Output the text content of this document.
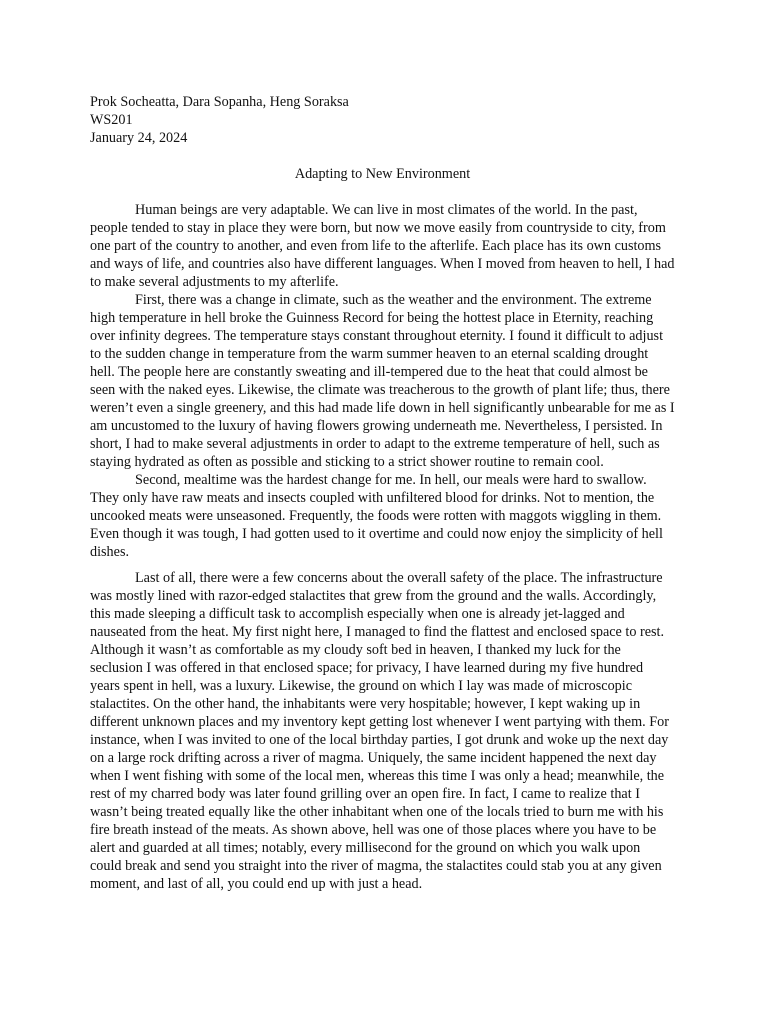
Prok Socheatta, Dara Sopanha, Heng Soraksa
WS201
January 24, 2024
Adapting to New Environment

Human beings are very adaptable. We can live in most climates of the world. In the past, people tended to stay in place they were born, but now we move easily from countryside to city, from one part of the country to another, and even from life to the afterlife. Each place has its own customs and ways of life, and countries also have different languages. When I moved from heaven to hell, I had to make several adjustments to my afterlife.

First, there was a change in climate, such as the weather and the environment. The extreme high temperature in hell broke the Guinness Record for being the hottest place in Eternity, reaching over infinity degrees. The temperature stays constant throughout eternity. I found it difficult to adjust to the sudden change in temperature from the warm summer heaven to an eternal scalding drought hell. The people here are constantly sweating and ill-tempered due to the heat that could almost be seen with the naked eyes. Likewise, the climate was treacherous to the growth of plant life; thus, there weren’t even a single greenery, and this had made life down in hell significantly unbearable for me as I am uncustomed to the luxury of having flowers growing underneath me. Nevertheless, I persisted. In short, I had to make several adjustments in order to adapt to the extreme temperature of hell, such as staying hydrated as often as possible and sticking to a strict shower routine to remain cool.

Second, mealtime was the hardest change for me. In hell, our meals were hard to swallow. They only have raw meats and insects coupled with unfiltered blood for drinks. Not to mention, the uncooked meats were unseasoned. Frequently, the foods were rotten with maggots wiggling in them. Even though it was tough, I had gotten used to it overtime and could now enjoy the simplicity of hell dishes.

Last of all, there were a few concerns about the overall safety of the place. The infrastructure was mostly lined with razor-edged stalactites that grew from the ground and the walls. Accordingly, this made sleeping a difficult task to accomplish especially when one is already jet-lagged and nauseated from the heat. My first night here, I managed to find the flattest and enclosed space to rest. Although it wasn’t as comfortable as my cloudy soft bed in heaven, I thanked my luck for the seclusion I was offered in that enclosed space; for privacy, I have learned during my five hundred years spent in hell, was a luxury. Likewise, the ground on which I lay was made of microscopic stalactites. On the other hand, the inhabitants were very hospitable; however, I kept waking up in different unknown places and my inventory kept getting lost whenever I went partying with them. For instance, when I was invited to one of the local birthday parties, I got drunk and woke up the next day on a large rock drifting across a river of magma. Uniquely, the same incident happened the next day when I went fishing with some of the local men, whereas this time I was only a head; meanwhile, the rest of my charred body was later found grilling over an open fire. In fact, I came to realize that I wasn’t being treated equally like the other inhabitant when one of the locals tried to burn me with his fire breath instead of the meats. As shown above, hell was one of those places where you have to be alert and guarded at all times; notably, every millisecond for the ground on which you walk upon could break and send you straight into the river of magma, the stalactites could stab you at any given moment, and last of all, you could end up with just a head.
